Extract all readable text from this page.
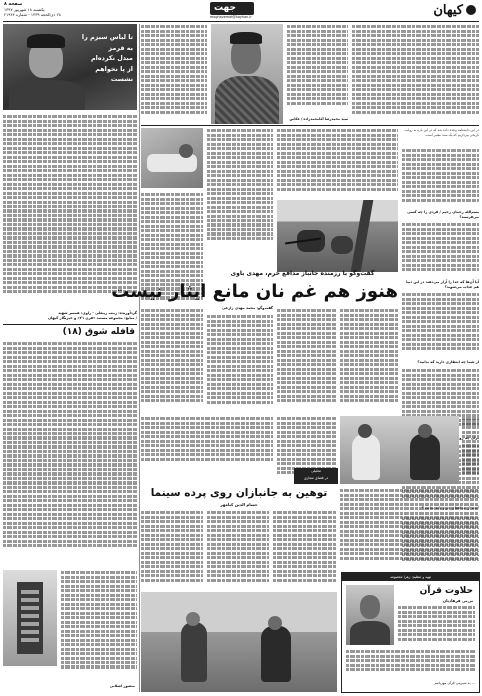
کیهان
جهت
moghavemat@kayhan.ir
صفحه ۸
یکشنبه ۱۸ شهریور ۱۳۹۷
۲۸ ذی‌الحجه ۱۴۳۹ - شماره ۲۱۹۴۴
تا لباس سبزم را
به قرمز
مبدل نکرده‌ام
از پا نخواهم
نشست
گردآورنده: زینب زینعلی - راوی: همسر شهید
/ منابع: مجموعه مستند «قرن ۲۱» و خبرنگار کیهان
قافله شوق (۱۸)
منصور اصلانی
سید محمدرضا آقامحمدزاده / عکاس
در این دانشنامه وعده داده شد که در این باره به روایت تاریخی بپردازیم که یک سند معتبر است.
بسم‌الله رحمان رحیم / فردی را چه کسی می‌فرستد؟
آیا آن‌ها که خدا را آزار می‌دهند در این دنیا هم عذاب می‌شوند؟
از شما چه انتظاری دارید که بدانید؟
روی
گفت‌وگو با رزمنده جانباز مدافع حرم، مهدی باوی
هنوز هم غم نان مانع ایثار نیست
گفت‌وگو: محمد مهدی زارعی
تحلیلی
در فضای مجازی
توهین به جانبازان روی پرده سینما
حسام الدین کیامهر
تهیه و تنظیم: زهرا معصومه
حلاوت قرآن
بی‌بی فرهادیان
... به شیرینی قرآن مهربانیم
